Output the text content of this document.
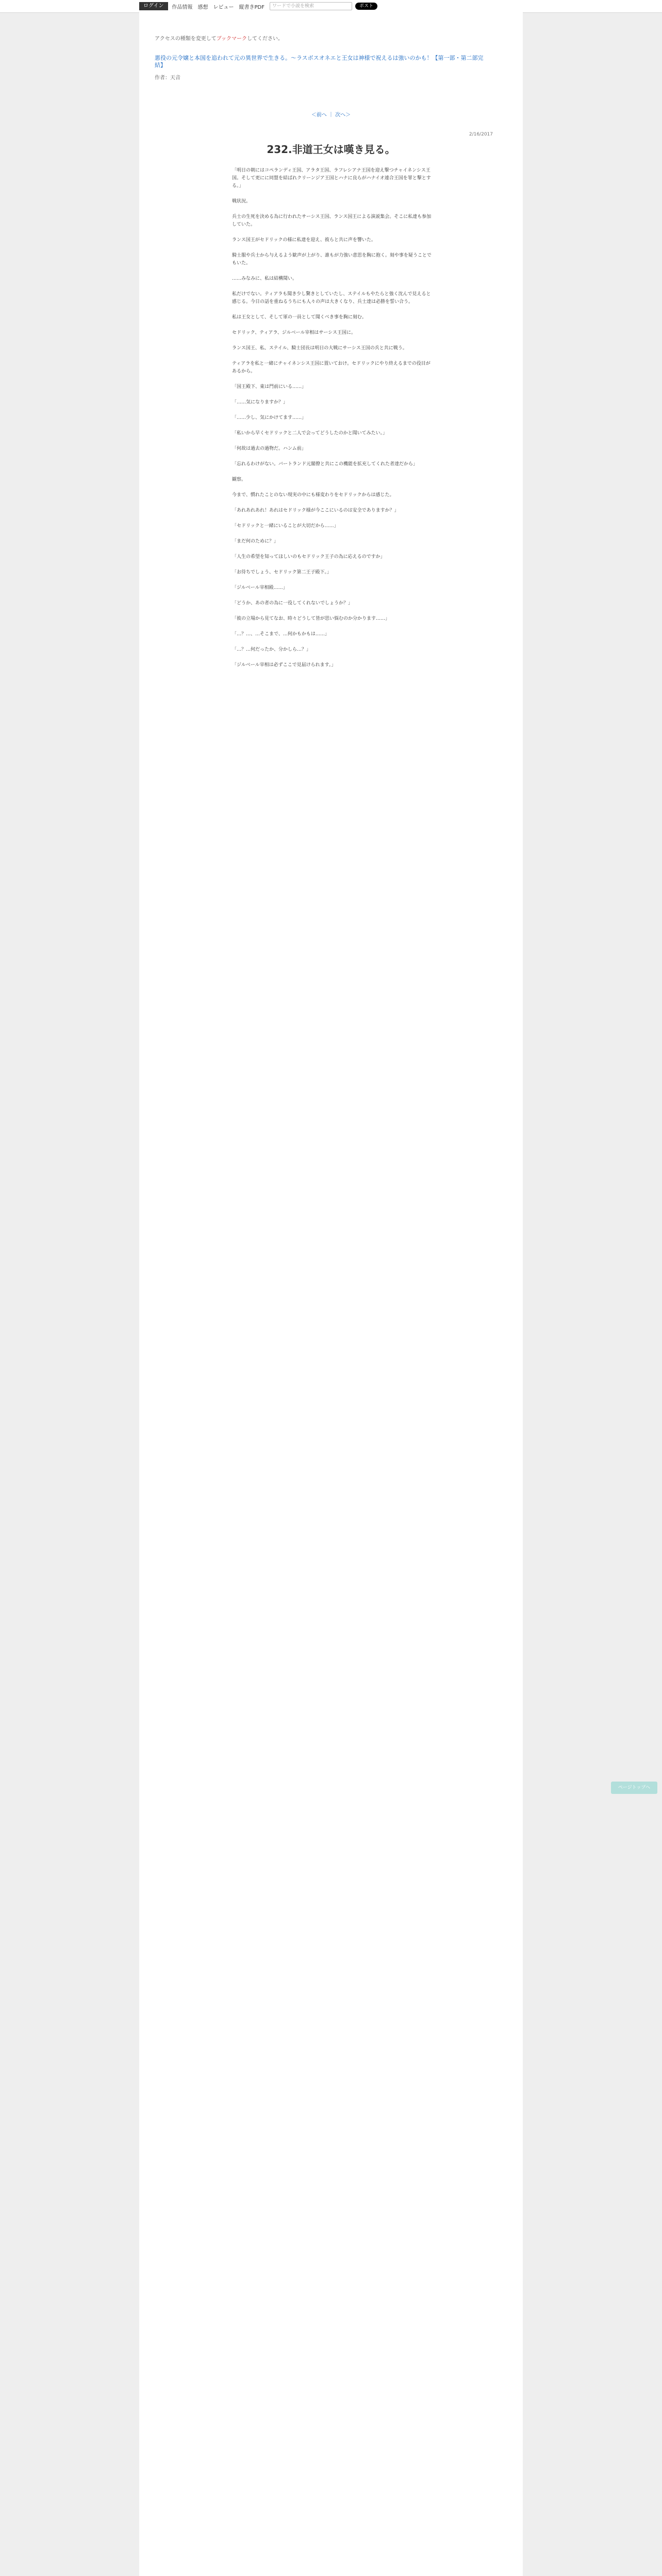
ログイン	作品情報 感想 レビュー 縦書きPDF	ワードで小説を検索	ポスト
アクセスの種類を変更してブックマークしてください。
悪役の元令嬢と本国を追われて元の異世界で生きる。〜ラスボスオネエと王女は神様で祝えるは強いのかも！【第一部・第二部完結】
作者：天音
＜前へ ｜ 次へ＞
2/16/2017
232.非道王女は嘆き見る。

「明日の朝にはコペランディ王国、アラタ王国、ラフレシアナ王国を迎え撃つチャイネンシス王国。そして更にに同盟を結ばれクリーンジア王国とハナに良らがハナイオ連合王国を罪と撃とする。」

戦状況。

兵士の生死を決める為に行われたサーシス王国、ランス国王による演説集会。そこに私達も参加していた。

ランス国王がセドリックの様に私達を迎え、彼らと共に声を響いた。

騎士服や兵士から与えるよう歓声が上がり、誰もが力強い意思を胸に抱く。刻や事を疑うことでもいた。

……みなみに、私は結構聞い。

私だけでない。ティアラも聞き少し驚きとしていたし、ステイルもやたらと強く沈んで見えると感じる。今日の話を重ねるうちにも人々の声は大きくなり、兵士達は必勝を誓い合う。

私は王女として、そして軍の一員として聞くべき事を胸に刻む。

セドリック、ティアラ、ジルベール宰相はサーシス王国に。

ランス国王、私、ステイル、騎士団長は明日の大戦にサーシス王国の兵と共に戦う。

ティアラを私と一緒にチャイネンシス王国に置いておけ。セドリックにやり終えるまでの役目があるから。

「国王殿下、東は門前にいる……」

「……気になりますか？」

「……少し、気にかけてます……」

「私いから早くセドリックと二人で会ってどうしたのかと聞いてみたい。」

「何故は過去の過物だ。ハンム前」

「忘れるわけがない。バートランド元閣僚と共にこの機能を拡充してくれた者達だから」

観察。

今まで、慣れたことのない現実の中にも様変わりをセドリックからは感じた。

「あれあれあれ！あれはセドリック様が今ここにいるのは安全でありますか？」

「セドリックと一緒にいることが大切だから……」

「まだ何のために？」

「人生の希望を知ってほしいのもセドリック王子の為に応えるのですか」

「お待ちでしょう、セドリック第二王子殿下。」

「ジルベール宰相殿……」

「どうか、あの者の為に一役してくれないでしょうか？」

「彼の立場から見てなお、時々どうして皆が思い悩むのか分かります……」

「…？…、…そこまで、…何かもかもは……」

「…？…何だったか、分かしら…？」

「ジルベール宰相は必ずここで見届けられます。」

ページトップへ
